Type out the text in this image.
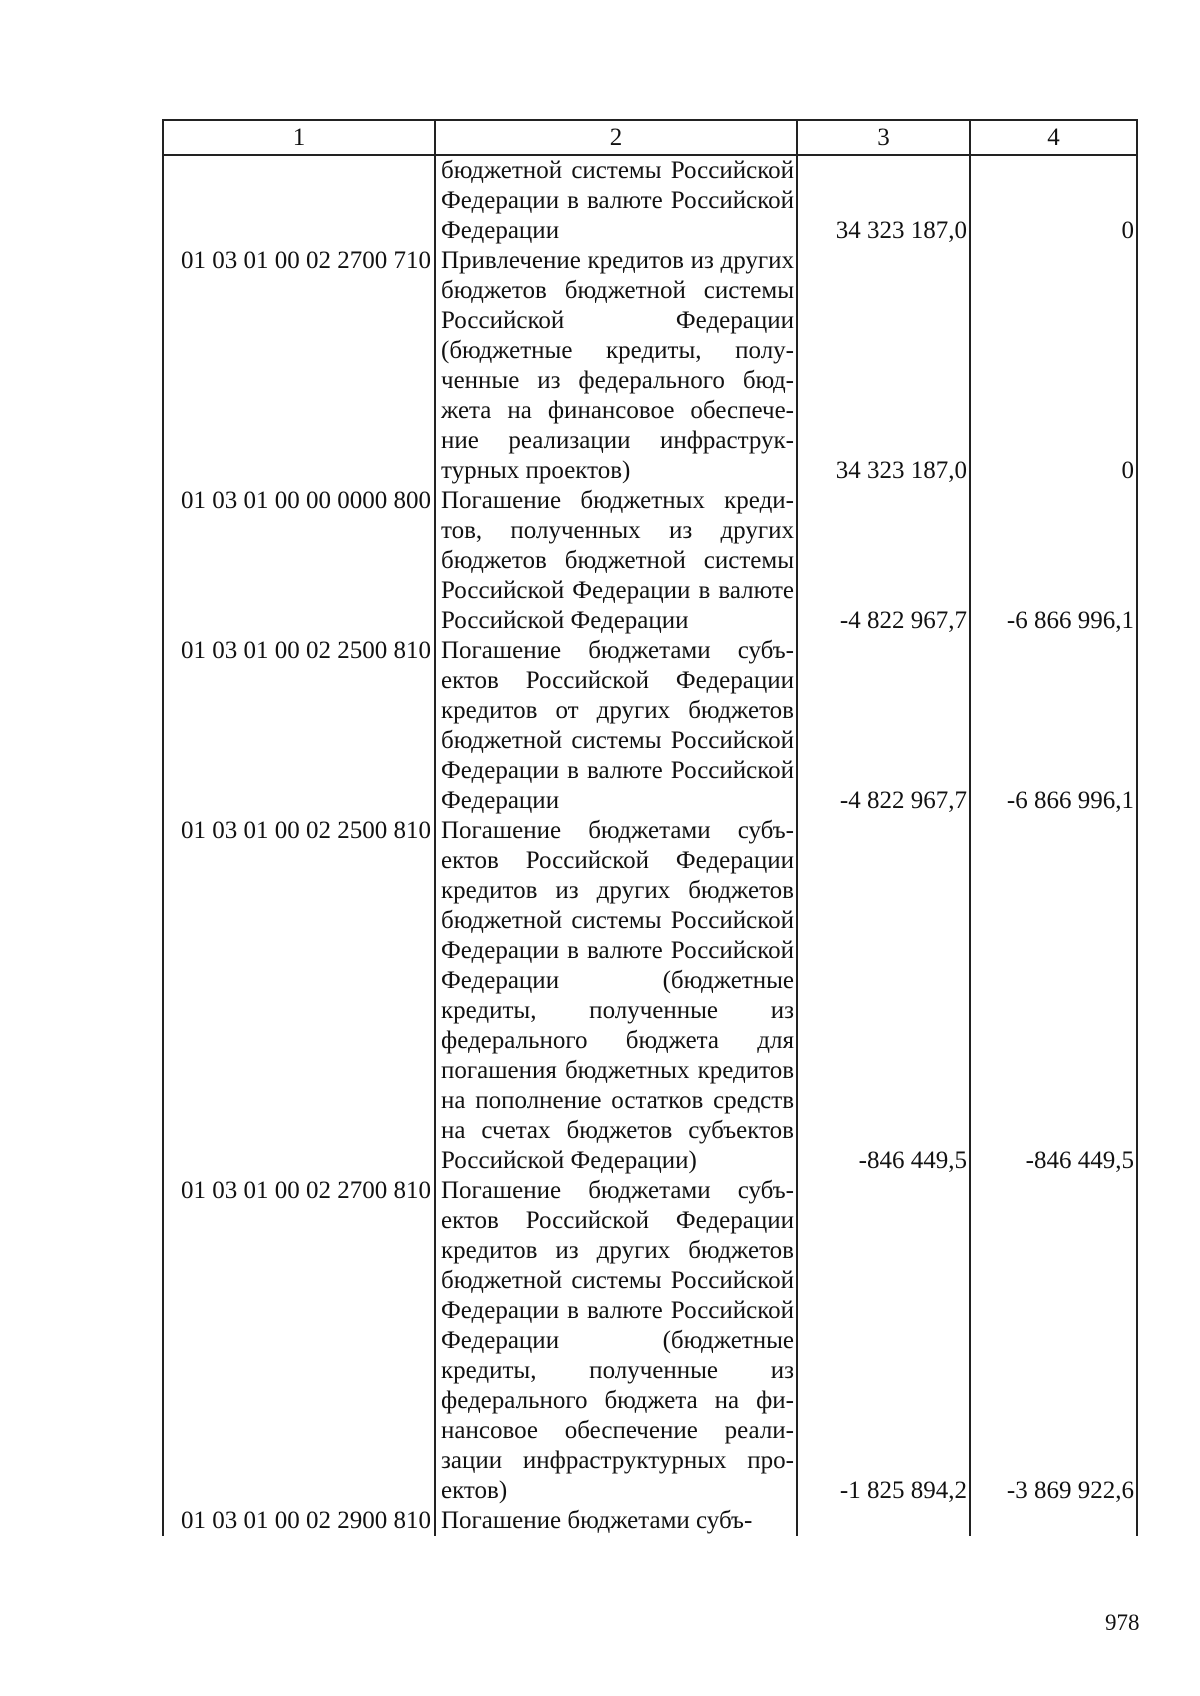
1	2	3	4
	бюджетной системы Российской Федерации в валюте Российской Федерации	34 323 187,0	0
01 03 01 00 02 2700 710	Привлечение кредитов из других бюджетов бюджетной системы Российской Федерации (бюджетные кредиты, полученные из федерального бюджета на финансовое обеспечение реализации инфраструктурных проектов)	34 323 187,0	0
01 03 01 00 00 0000 800	Погашение бюджетных кредитов, полученных из других бюджетов бюджетной системы Российской Федерации в валюте Российской Федерации	-4 822 967,7	-6 866 996,1
01 03 01 00 02 2500 810	Погашение бюджетами субъектов Российской Федерации кредитов от других бюджетов бюджетной системы Российской Федерации в валюте Российской Федерации	-4 822 967,7	-6 866 996,1
01 03 01 00 02 2500 810	Погашение бюджетами субъектов Российской Федерации кредитов из других бюджетов бюджетной системы Российской Федерации в валюте Российской Федерации (бюджетные кредиты, полученные из федерального бюджета для погашения бюджетных кредитов на пополнение остатков средств на счетах бюджетов субъектов Российской Федерации)	-846 449,5	-846 449,5
01 03 01 00 02 2700 810	Погашение бюджетами субъектов Российской Федерации кредитов из других бюджетов бюджетной системы Российской Федерации в валюте Российской Федерации (бюджетные кредиты, полученные из федерального бюджета на финансовое обеспечение реализации инфраструктурных проектов)	-1 825 894,2	-3 869 922,6
01 03 01 00 02 2900 810	Погашение бюджетами субъ-		
978
